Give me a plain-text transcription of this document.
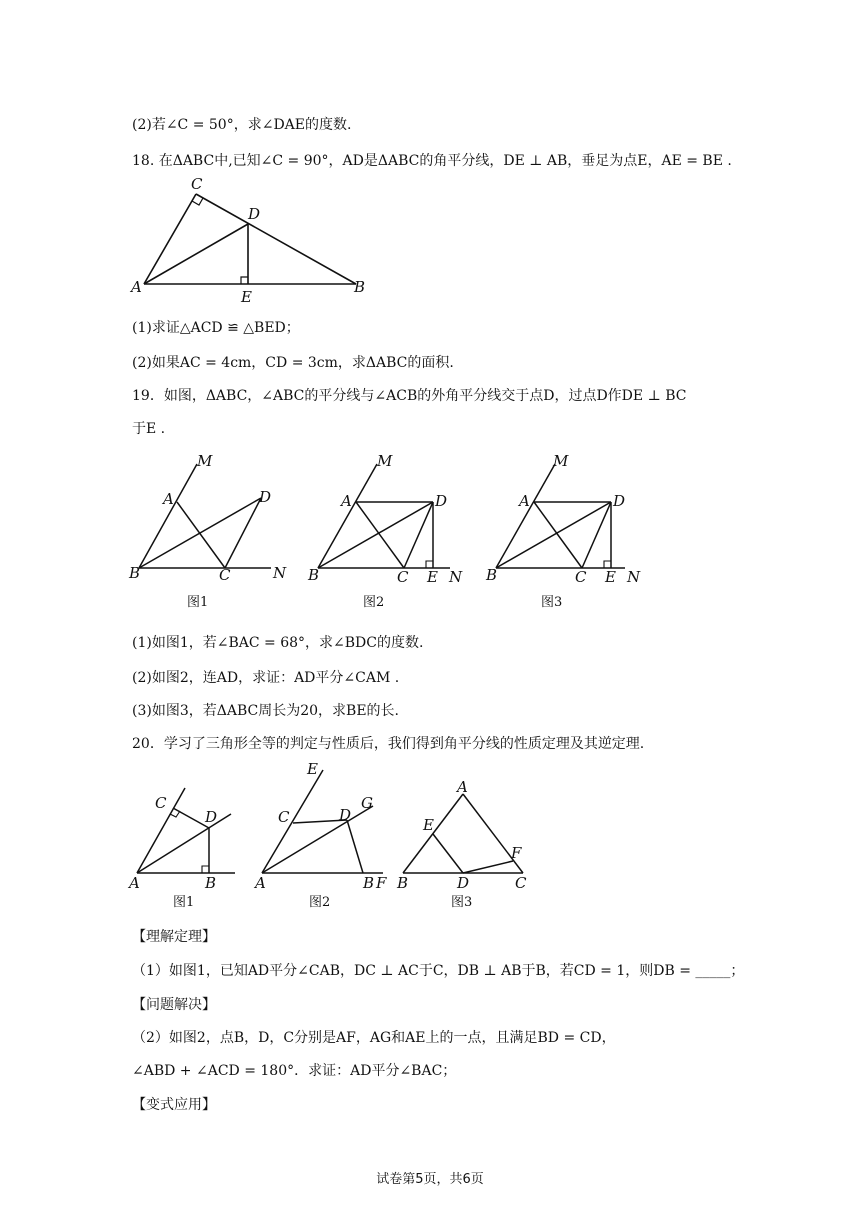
(2)若∠C = 50°，求∠DAE的度数.
18. 在ΔABC中,已知∠C = 90°，AD是ΔABC的角平分线，DE ⊥ AB，垂足为点E，AE = BE .
C
D
A
E
B
(1)求证△ACD ≌ △BED；
(2)如果AC = 4cm，CD = 3cm，求ΔABC的面积.
19．如图，ΔABC，∠ABC的平分线与∠ACB的外角平分线交于点D，过点D作DE ⊥ BC
于E .
M
A	D
B	C	N
图1
M
A	D
B	C E N
图2
M
A	D
B	C E N
图3
(1)如图1，若∠BAC = 68°，求∠BDC的度数.
(2)如图2，连AD，求证：AD平分∠CAM .
(3)如图3，若ΔABC周长为20，求BE的长.
20．学习了三角形全等的判定与性质后，我们得到角平分线的性质定理及其逆定理.
C
D
A	B
图1
E
C	D
G
A	B F
图2
A
E
F
B	D	C
图3
【理解定理】
（1）如图1，已知AD平分∠CAB，DC ⊥ AC于C，DB ⊥ AB于B，若CD = 1，则DB = _____；
【问题解决】
（2）如图2，点B，D，C分别是AF，AG和AE上的一点，且满足BD = CD，
∠ABD + ∠ACD = 180°．求证：AD平分∠BAC；
【变式应用】
试卷第5页，共6页
